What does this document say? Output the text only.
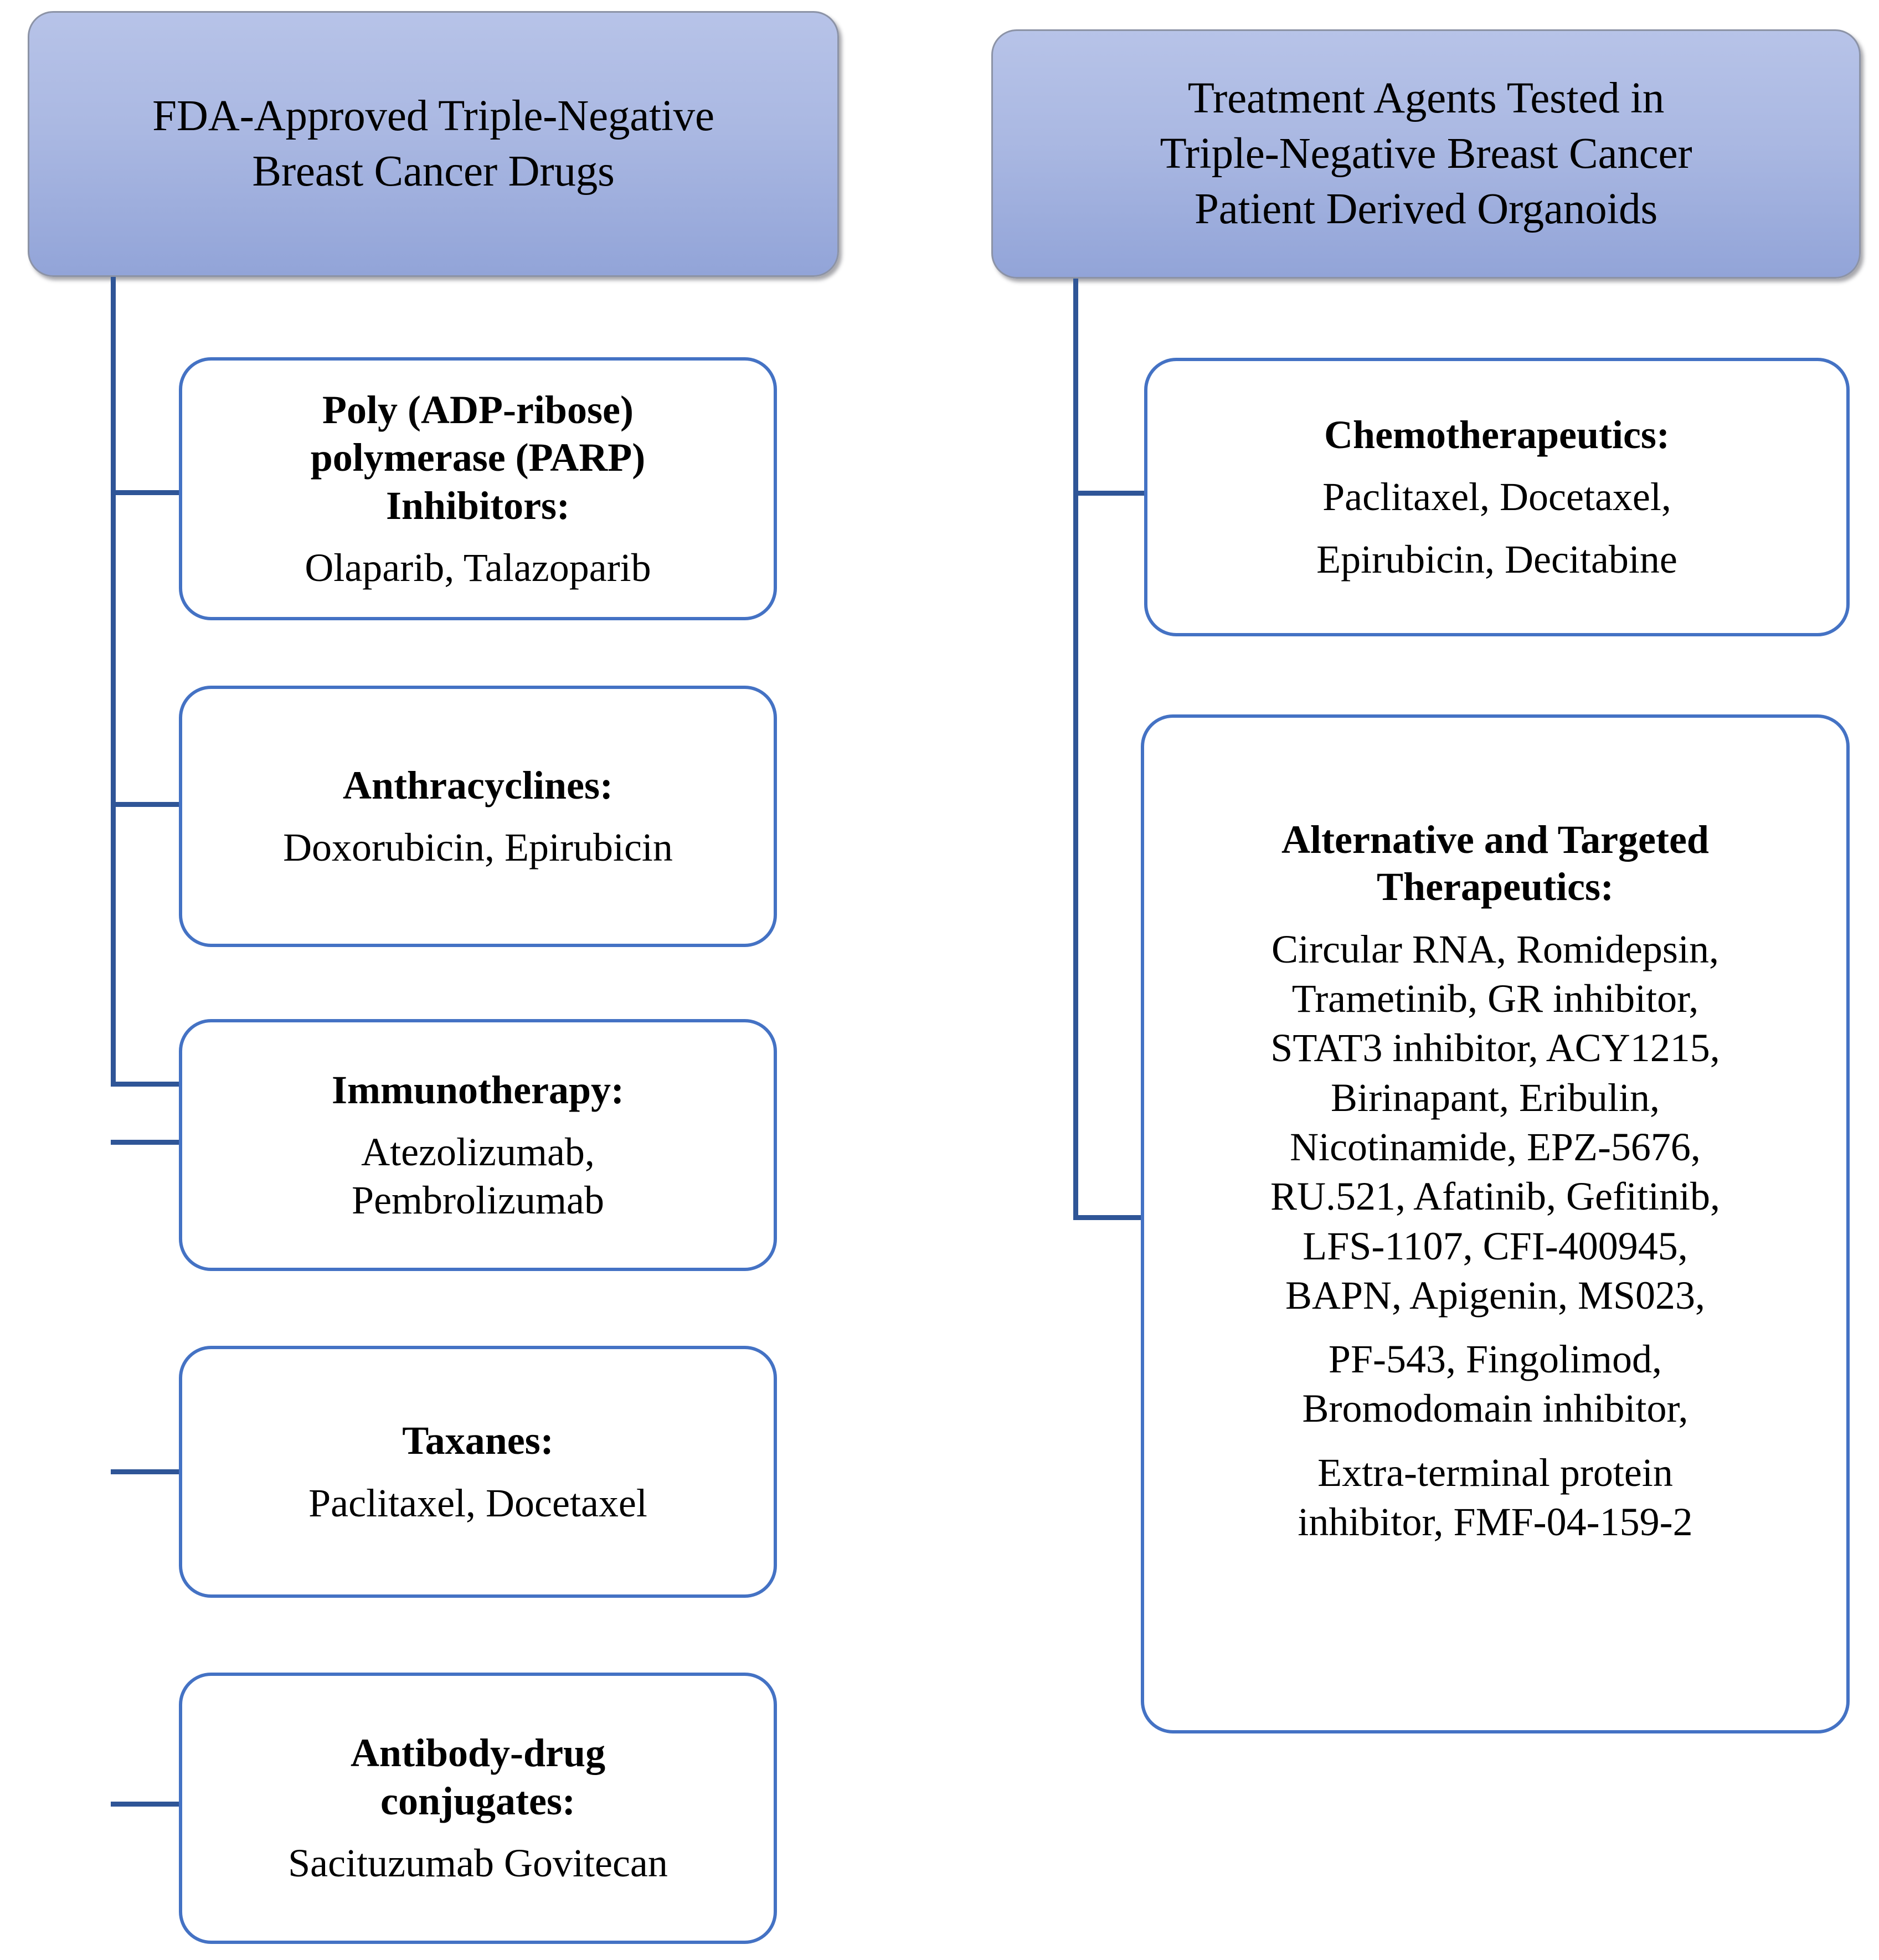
FDA-Approved Triple-Negative
Breast Cancer Drugs
Poly (ADP-ribose)
polymerase (PARP)
Inhibitors:
Olaparib, Talazoparib
Anthracyclines:
Doxorubicin, Epirubicin
Immunotherapy:
Atezolizumab,
Pembrolizumab
Taxanes:
Paclitaxel, Docetaxel
Antibody-drug
conjugates:
Sacituzumab Govitecan
Treatment Agents Tested in
Triple-Negative Breast Cancer
Patient Derived Organoids
Chemotherapeutics:
Paclitaxel, Docetaxel,
Epirubicin, Decitabine
Alternative and Targeted
Therapeutics:
Circular RNA, Romidepsin,
Trametinib, GR inhibitor,
STAT3 inhibitor, ACY1215,
Birinapant, Eribulin,
Nicotinamide, EPZ-5676,
RU.521, Afatinib, Gefitinib,
LFS-1107, CFI-400945,
BAPN, Apigenin, MS023,
PF-543, Fingolimod,
Bromodomain inhibitor,
Extra-terminal protein
inhibitor, FMF-04-159-2
